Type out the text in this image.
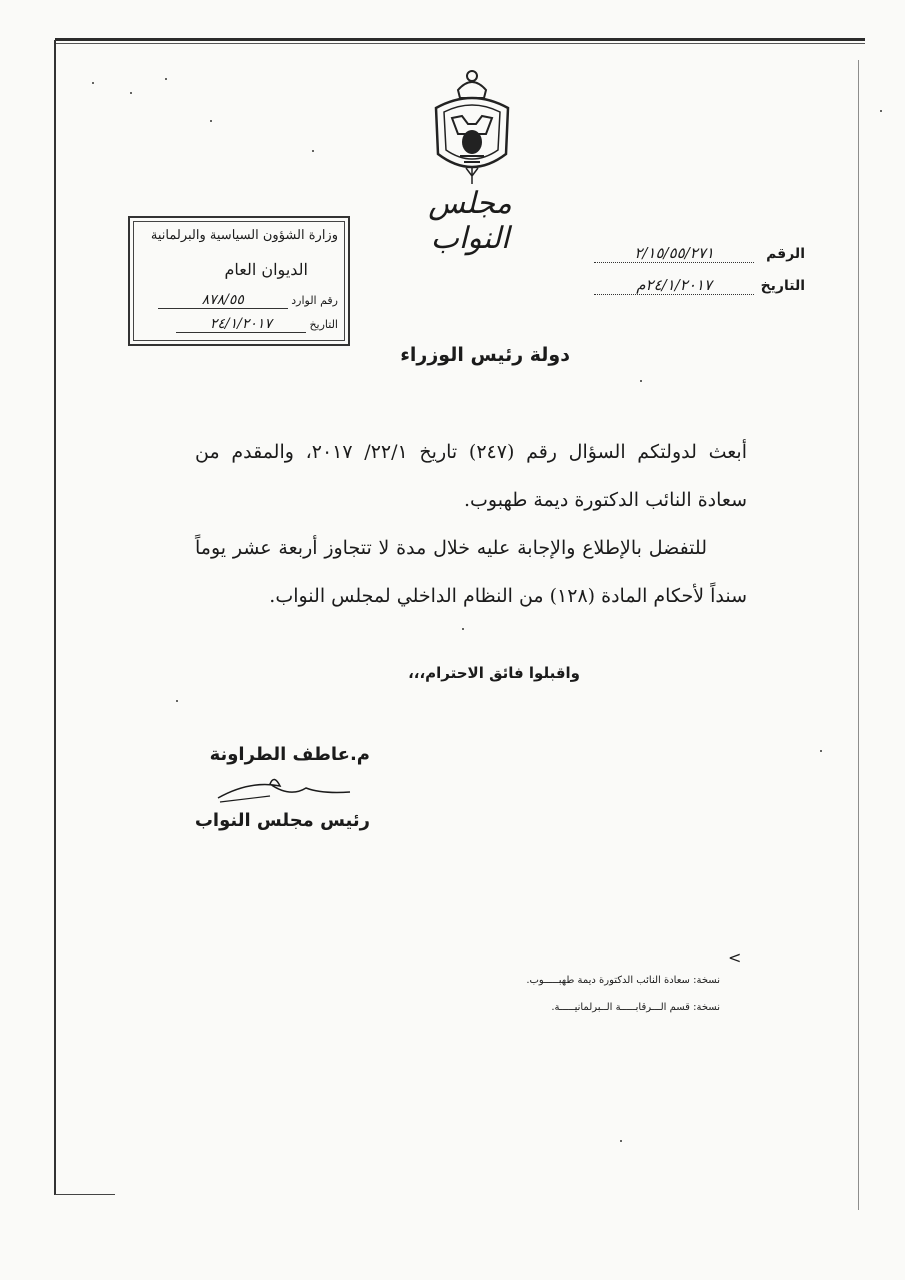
مجلس النواب	الرقم ٢/١٥/٥٥/٢٧١
التاريخ ٢٤/١/٢٠١٧م
وزارة الشؤون السياسية والبرلمانية
الديوان العام
رقم الوارد ٨٧٨/٥٥
التاريخ ٢٤/١/٢٠١٧
دولة رئيس الوزراء

أبعث لدولتكم السؤال رقم (٢٤٧) تاريخ ٢٢/١/ ٢٠١٧، والمقدم من سعادة النائب الدكتورة ديمة طهبوب.

للتفضل بالإطلاع والإجابة عليه خلال مدة لا تتجاوز أربعة عشر يوماً سنداً لأحكام المادة (١٢٨) من النظام الداخلي لمجلس النواب.

واقبلوا فائق الاحترام،،،
م.عاطف الطراونة
رئيس مجلس النواب
<
نسخة: سعادة النائب الدكتورة ديمة طهبـــــوب.
نسخة: قسم الـــرقابـــــة الــبرلمانيـــــة.
